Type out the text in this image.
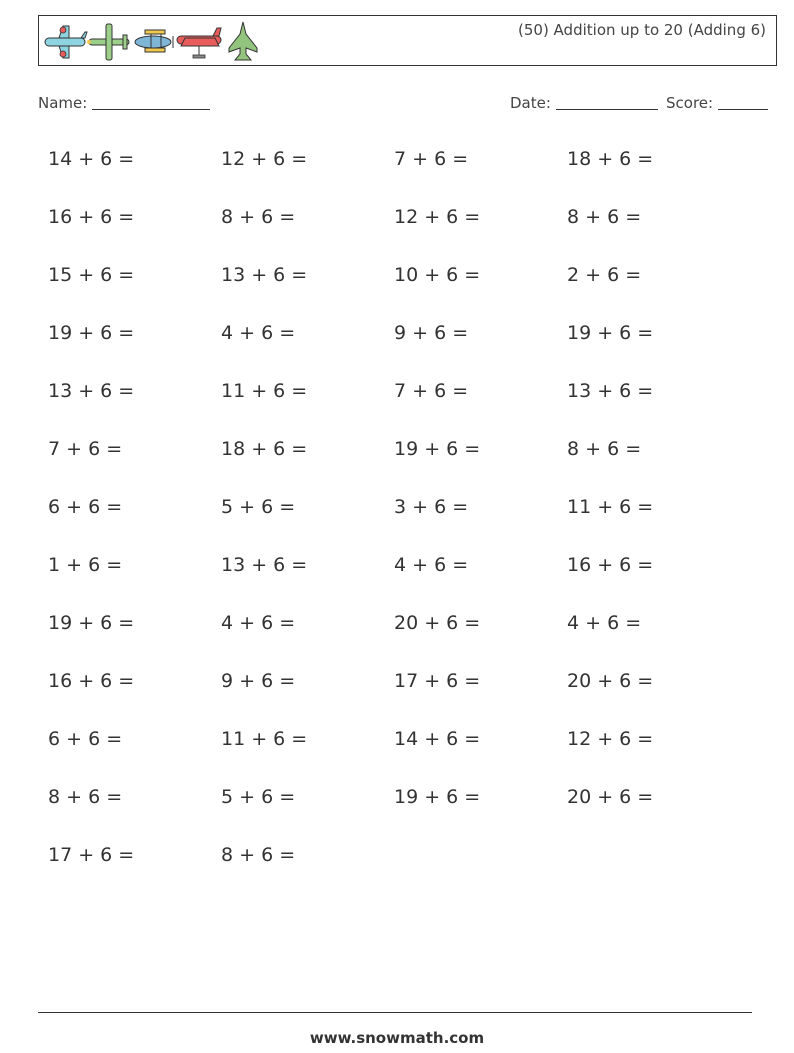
(50) Addition up to 20 (Adding 6)
Name:	Date:	Score:
14 + 6 =	12 + 6 =	7 + 6 =	18 + 6 =
16 + 6 =	8 + 6 =	12 + 6 =	8 + 6 =
15 + 6 =	13 + 6 =	10 + 6 =	2 + 6 =
19 + 6 =	4 + 6 =	9 + 6 =	19 + 6 =
13 + 6 =	11 + 6 =	7 + 6 =	13 + 6 =
7 + 6 =	18 + 6 =	19 + 6 =	8 + 6 =
6 + 6 =	5 + 6 =	3 + 6 =	11 + 6 =
1 + 6 =	13 + 6 =	4 + 6 =	16 + 6 =
19 + 6 =	4 + 6 =	20 + 6 =	4 + 6 =
16 + 6 =	9 + 6 =	17 + 6 =	20 + 6 =
6 + 6 =	11 + 6 =	14 + 6 =	12 + 6 =
8 + 6 =	5 + 6 =	19 + 6 =	20 + 6 =
17 + 6 =	8 + 6 =
www.snowmath.com
